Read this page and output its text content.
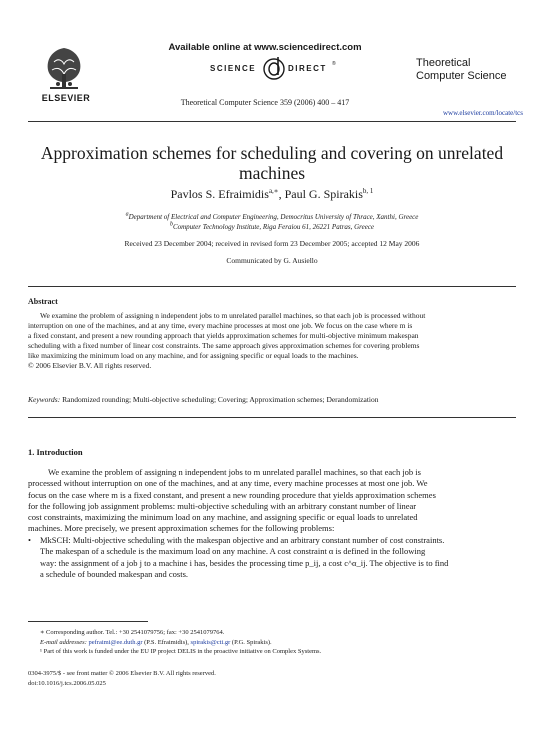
ELSEVIER
Available online at www.sciencedirect.com
SCIENCE	DIRECT ®
Theoretical Computer Science 359 (2006) 400 – 417
Theoretical
Computer Science
www.elsevier.com/locate/tcs
Approximation schemes for scheduling and covering on unrelated
machines
Pavlos S. Efraimidis$^{a,∗}$, Paul G. Spirakis$^{b, 1}$
$^a$Department of Electrical and Computer Engineering, Democritus University of Thrace, Xanthi, Greece
$^b$Computer Technology Institute, Riga Feraiou 61, 26221 Patras, Greece
Received 23 December 2004; received in revised form 23 December 2005; accepted 12 May 2006
Communicated by G. Ausiello
Abstract
We examine the problem of assigning n independent jobs to m unrelated parallel machines, so that each job is processed without
interruption on one of the machines, and at any time, every machine processes at most one job. We focus on the case where m is
a fixed constant, and present a new rounding approach that yields approximation schemes for multi-objective minimum makespan
scheduling with a fixed number of linear cost constraints. The same approach gives approximation schemes for covering problems
like maximizing the minimum load on any machine, and for assigning specific or equal loads to the machines.
© 2006 Elsevier B.V. All rights reserved.
Keywords: Randomized rounding; Multi-objective scheduling; Covering; Approximation schemes; Derandomization
1. Introduction
We examine the problem of assigning n independent jobs to m unrelated parallel machines, so that each job is
processed without interruption on one of the machines, and at any time, every machine processes at most one job. We
focus on the case where m is a fixed constant, and present a new rounding procedure that yields approximation schemes
for the following job assignment problems: multi-objective scheduling with an arbitrary constant number of linear
cost constraints, maximizing the minimum load on any machine, and assigning specific or equal loads to unrelated
machines. More precisely, we present approximation schemes for the following problems:
• MkSCH: Multi-objective scheduling with the makespan objective and an arbitrary constant number of cost constraints.
The makespan of a schedule is the maximum load on any machine. A cost constraint α is defined in the following
way: the assignment of a job j to a machine i has, besides the processing time p_ij, a cost c^α_ij. The objective is to find
a schedule of bounded makespan and costs.
∗ Corresponding author. Tel.: +30 2541079756; fax: +30 2541079764.
E-mail addresses: pefraimi@ee.duth.gr (P.S. Efraimidis), spirakis@cti.gr (P.G. Spirakis).
¹ Part of this work is funded under the EU IP project DELIS in the proactive initiative on Complex Systems.
0304-3975/$ - see front matter © 2006 Elsevier B.V. All rights reserved.
doi:10.1016/j.tcs.2006.05.025
